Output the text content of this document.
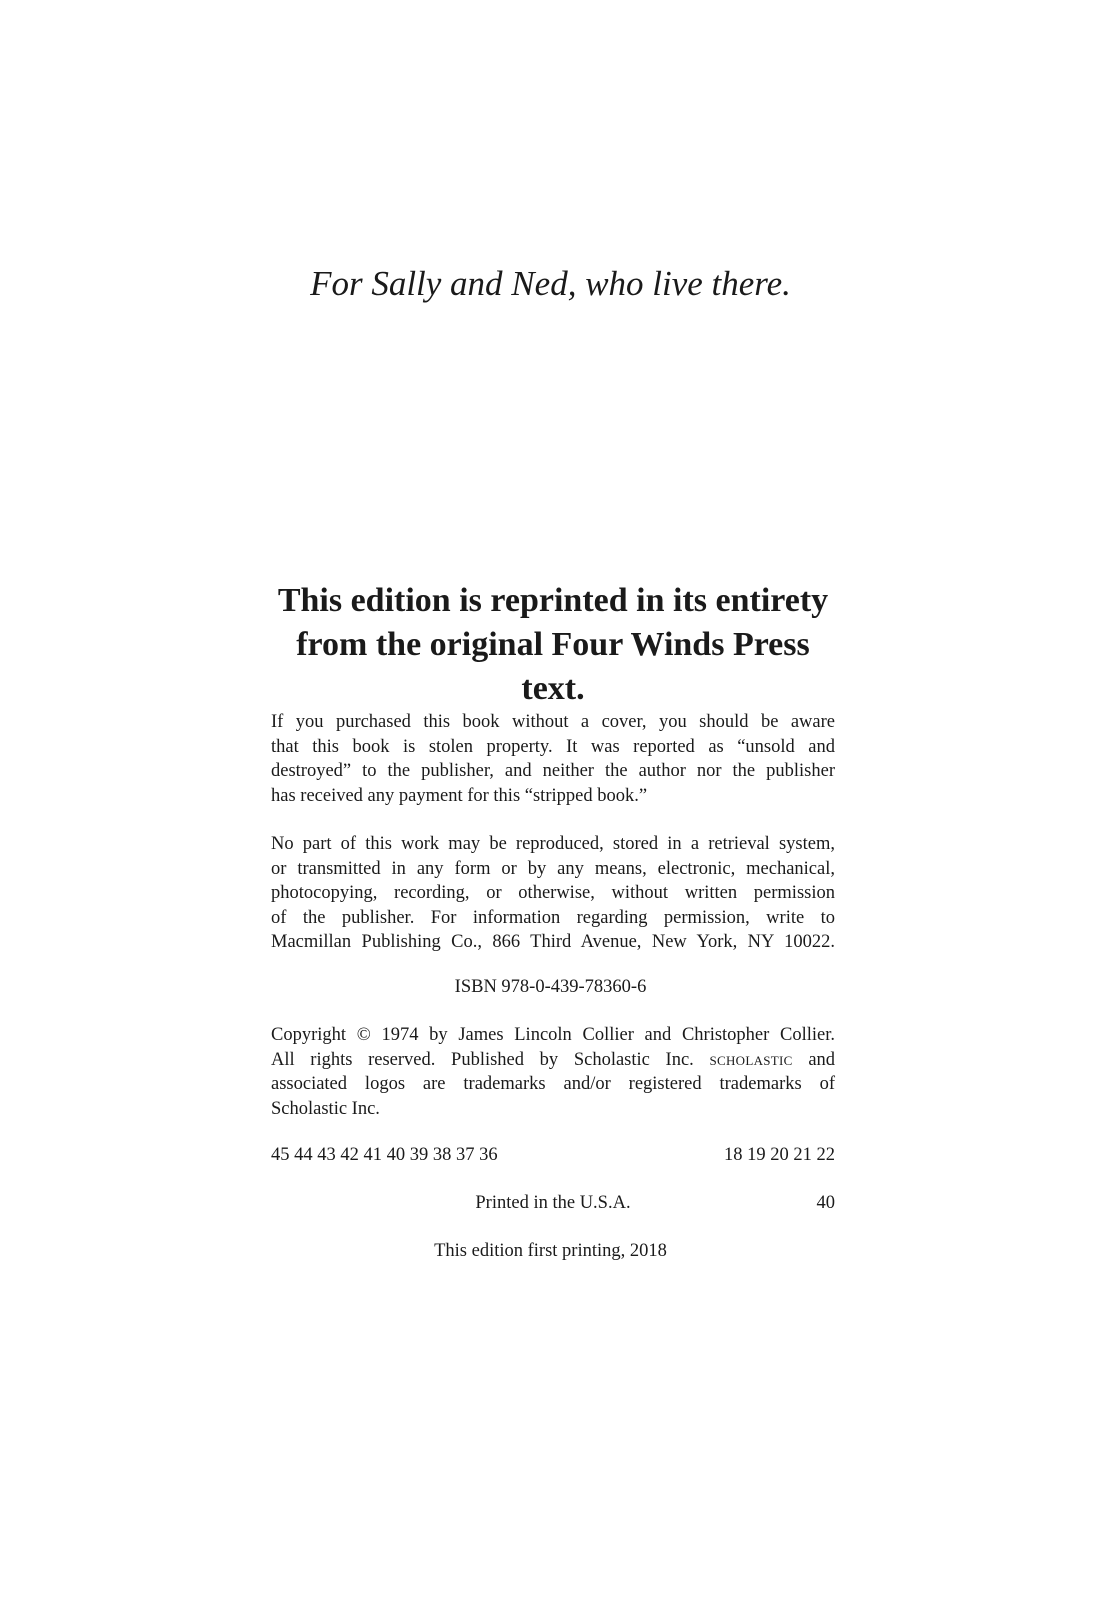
For Sally and Ned, who live there.
This edition is reprinted in its entirety
from the original Four Winds Press text.

If you purchased this book without a cover, you should be aware
that this book is stolen property. It was reported as “unsold and
destroyed” to the publisher, and neither the author nor the publisher
has received any payment for this “stripped book.”

No part of this work may be reproduced, stored in a retrieval system,
or transmitted in any form or by any means, electronic, mechanical,
photocopying, recording, or otherwise, without written permission
of the publisher. For information regarding permission, write to
Macmillan Publishing Co., 866 Third Avenue, New York, NY 10022.

ISBN 978-0-439-78360-6

Copyright © 1974 by James Lincoln Collier and Christopher Collier.
All rights reserved. Published by Scholastic Inc. scholastic and
associated logos are trademarks and/or registered trademarks of
Scholastic Inc.

45 44 43 42 41 40 39 38 37 36	18 19 20 21 22
Printed in the U.S.A.	40

This edition first printing, 2018
